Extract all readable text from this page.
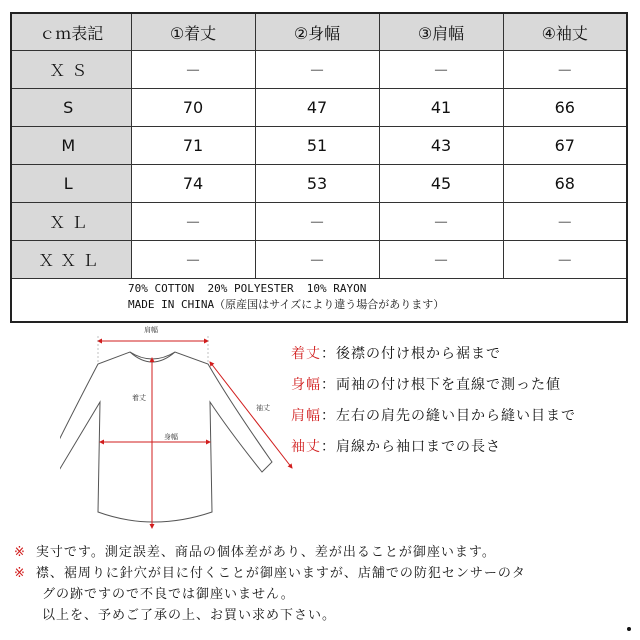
ｃｍ表記	①着丈	②身幅	③肩幅	④袖丈
ＸＳ	－	－	－	－
S	70	47	41	66
M	71	51	43	67
L	74	53	45	68
ＸＬ	－	－	－	－
ＸＸＬ	－	－	－	－

70% COTTON  20% POLYESTER  10% RAYON
MADE IN CHINA（原産国はサイズにより違う場合があります）				
肩幅
着丈
身幅
袖丈
着丈：後襟の付け根から裾まで
身幅：両袖の付け根下を直線で測った値
肩幅：左右の肩先の縫い目から縫い目まで
袖丈：肩線から袖口までの長さ
※ 実寸です。測定誤差、商品の個体差があり、差が出ることが御座います。
※ 襟、裾周りに針穴が目に付くことが御座いますが、店舗での防犯センサーのタ
グの跡ですので不良では御座いません。
以上を、予めご了承の上、お買い求め下さい。
